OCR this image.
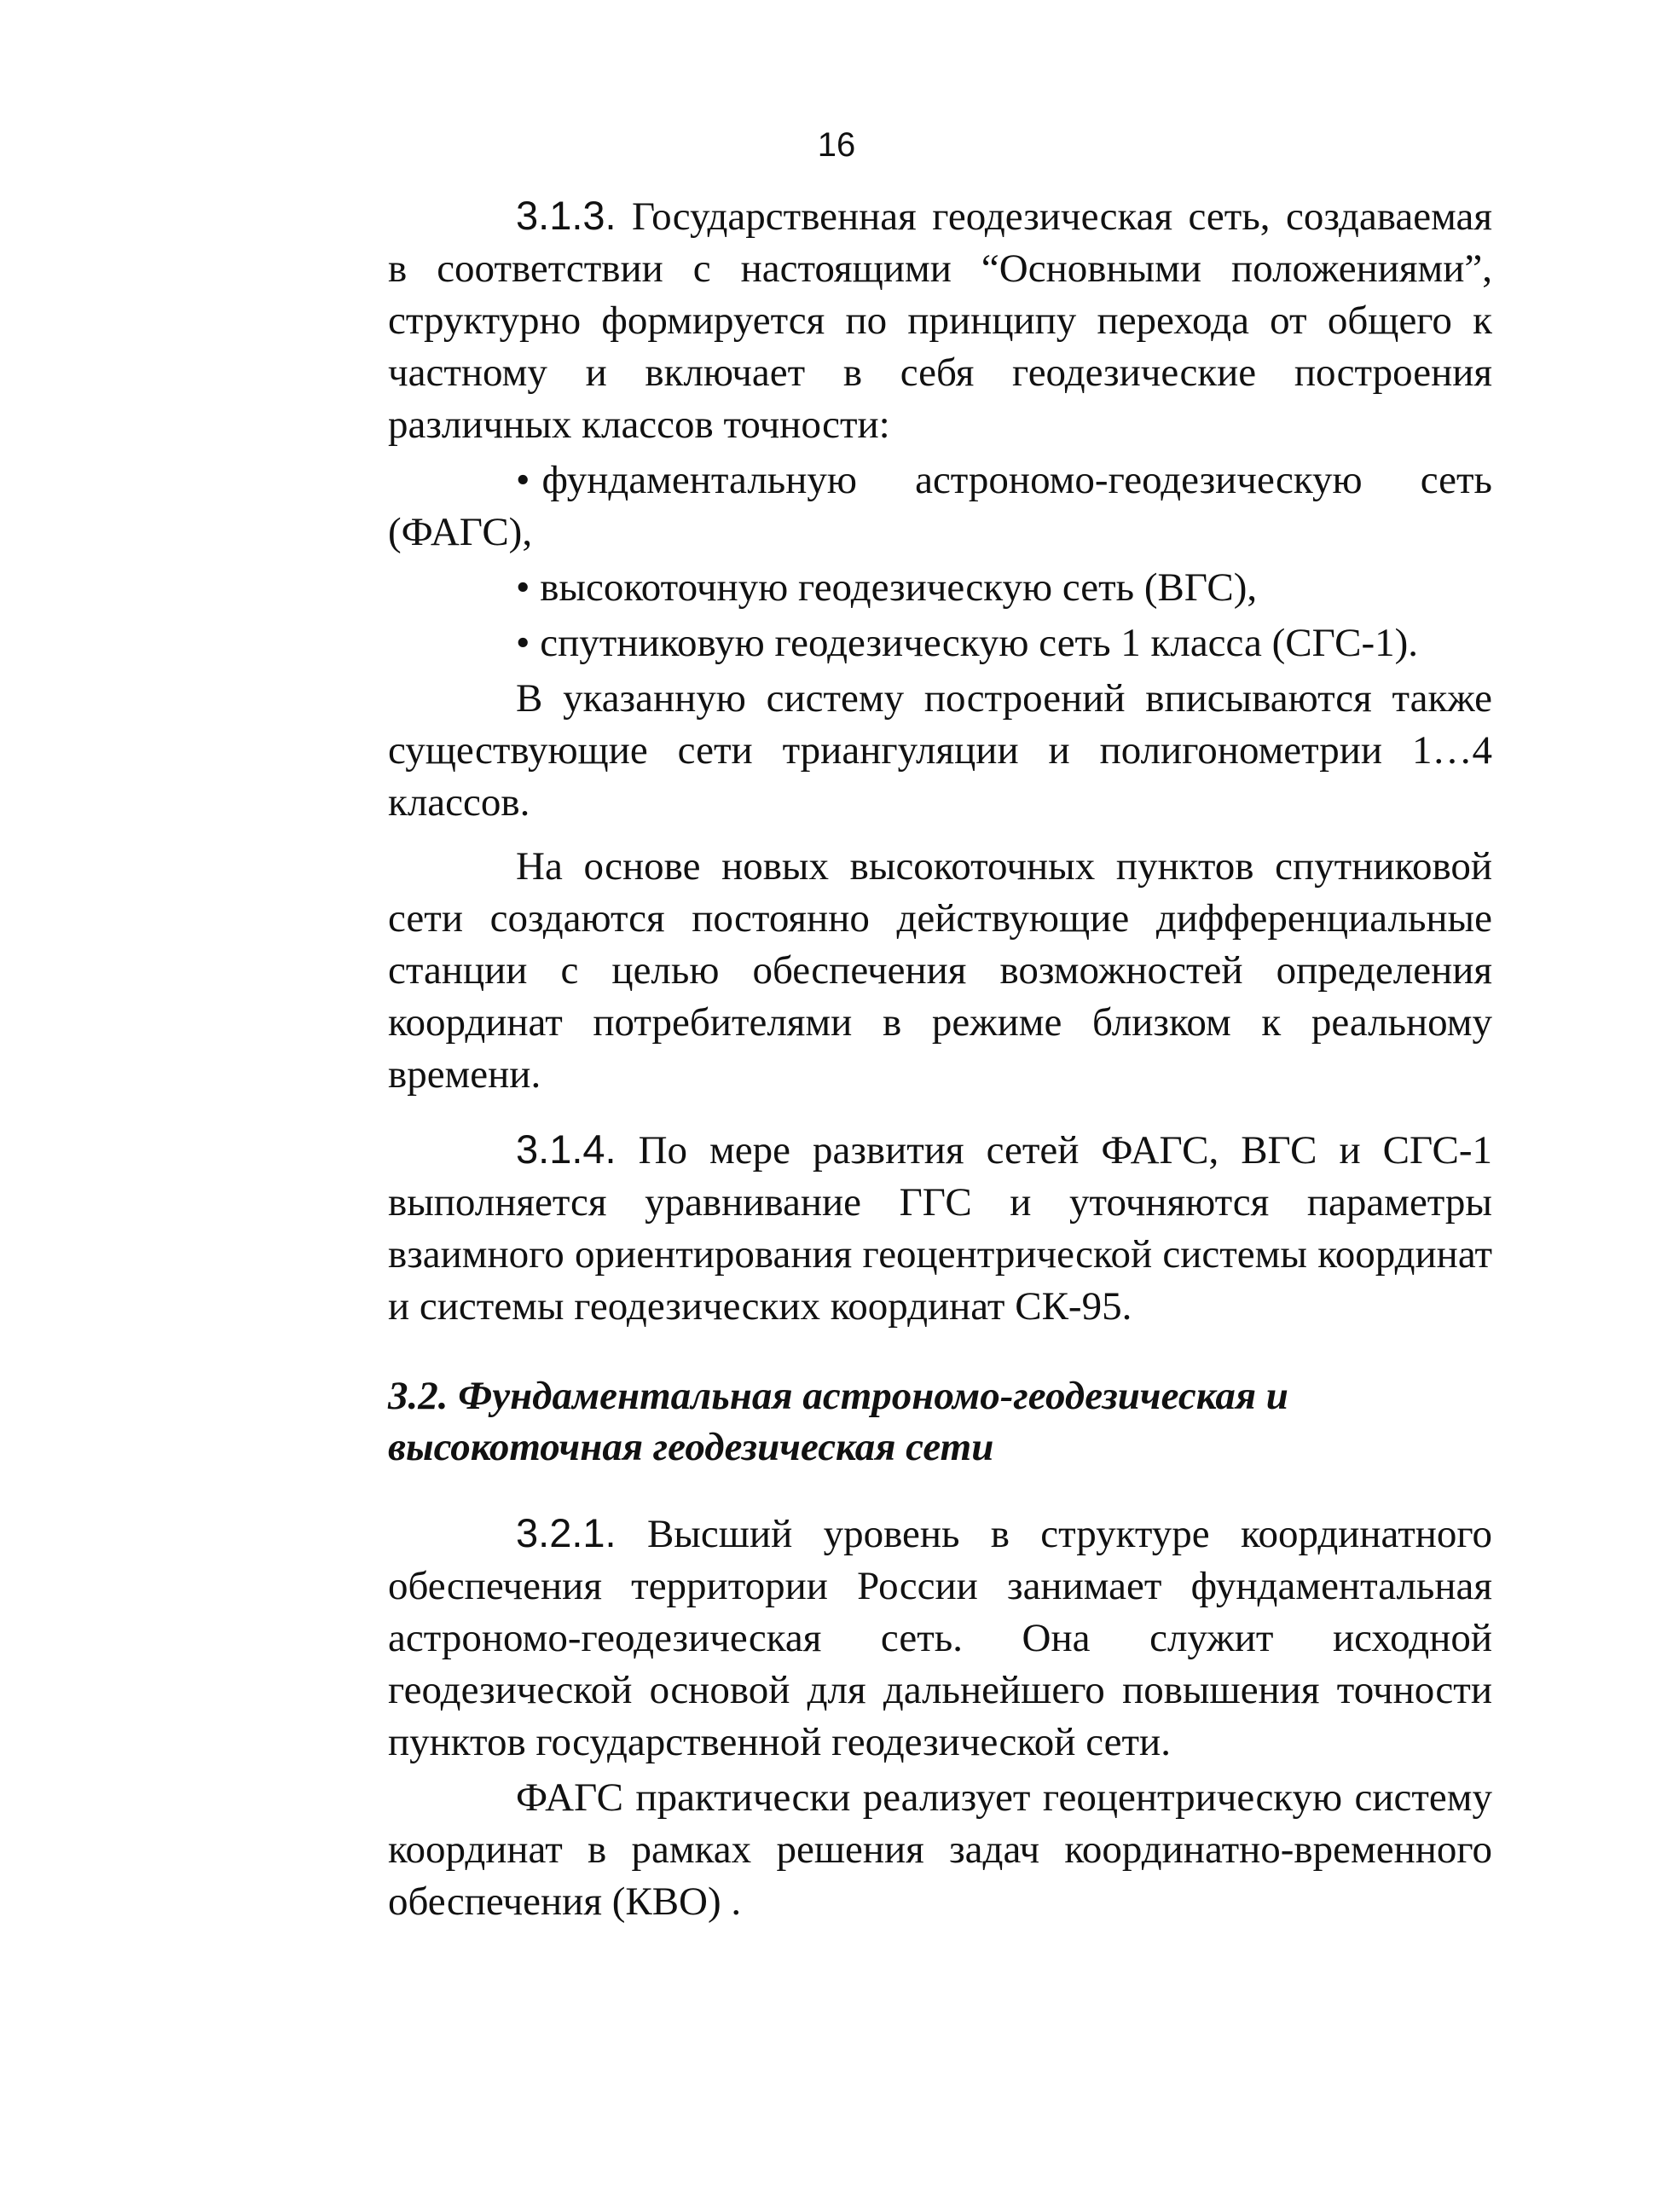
16

3.1.3. Государственная геодезическая сеть, создаваемая в соответствии с настоящими “Основными положениями”, структурно формируется по принципу перехода от общего к частному и включает в себя геодезические построения различных классов точности:

• фундаментальную астрономо-геодезическую сеть (ФАГС),

• высокоточную геодезическую сеть (ВГС),

• спутниковую геодезическую сеть 1 класса (СГС-1).

В указанную систему построений вписываются также существующие сети триангуляции и полигонометрии 1…4 классов.

На основе новых высокоточных пунктов спутниковой сети создаются постоянно действующие дифференциальные станции с целью обеспечения возможностей определения координат потребителями в режиме близком к реальному времени.

3.1.4. По мере развития сетей ФАГС, ВГС и СГС-1 выполняется уравнивание ГГС и уточняются параметры взаимного ориентирования геоцентрической системы координат и системы геодезических координат СК-95.

3.2. Фундаментальная астрономо-геодезическая и
высокоточная геодезическая сети

3.2.1. Высший уровень в структуре координатного обеспечения территории России занимает фундаментальная астрономо-геодезическая сеть. Она служит исходной геодезической основой для дальнейшего повышения точности пунктов государственной геодезической сети.

ФАГС практически реализует геоцентрическую систему координат в рамках решения задач координатно-временного обеспечения (КВО) .
